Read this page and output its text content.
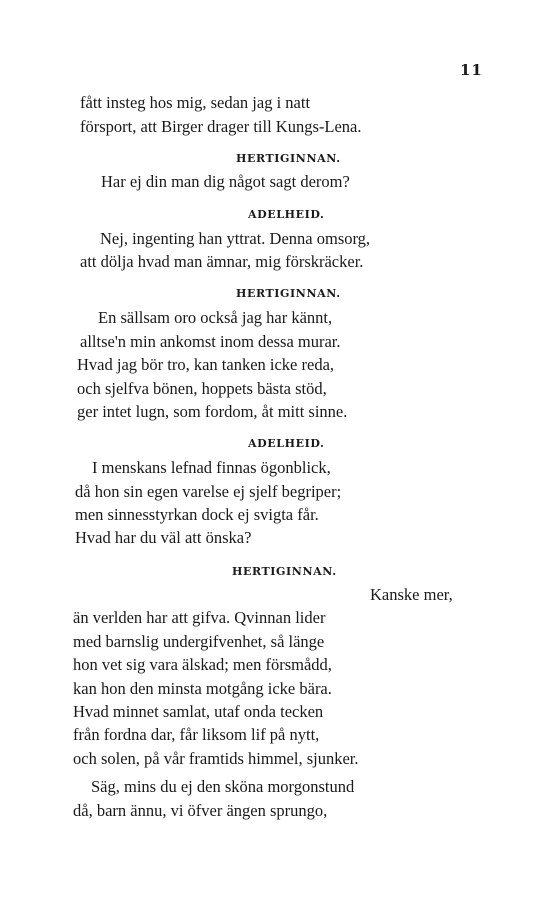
11
fått insteg hos mig, sedan jag i natt
försport, att Birger drager till Kungs-Lena.
HERTIGINNAN.
Har ej din man dig något sagt derom?
ADELHEID.
Nej, ingenting han yttrat. Denna omsorg,
att dölja hvad man ämnar, mig förskräcker.
HERTIGINNAN.
En sällsam oro också jag har kännt,
alltse'n min ankomst inom dessa murar.
Hvad jag bör tro, kan tanken icke reda,
och sjelfva bönen, hoppets bästa stöd,
ger intet lugn, som fordom, åt mitt sinne.
ADELHEID.
I menskans lefnad finnas ögonblick,
då hon sin egen varelse ej sjelf begriper;
men sinnesstyrkan dock ej svigta får.
Hvad har du väl att önska?
HERTIGINNAN.
Kanske mer,
än verlden har att gifva. Qvinnan lider
med barnslig undergifvenhet, så länge
hon vet sig vara älskad; men försmådd,
kan hon den minsta motgång icke bära.
Hvad minnet samlat, utaf onda tecken
från fordna dar, får liksom lif på nytt,
och solen, på vår framtids himmel, sjunker.
Säg, mins du ej den sköna morgonstund
då, barn ännu, vi öfver ängen sprungo,
